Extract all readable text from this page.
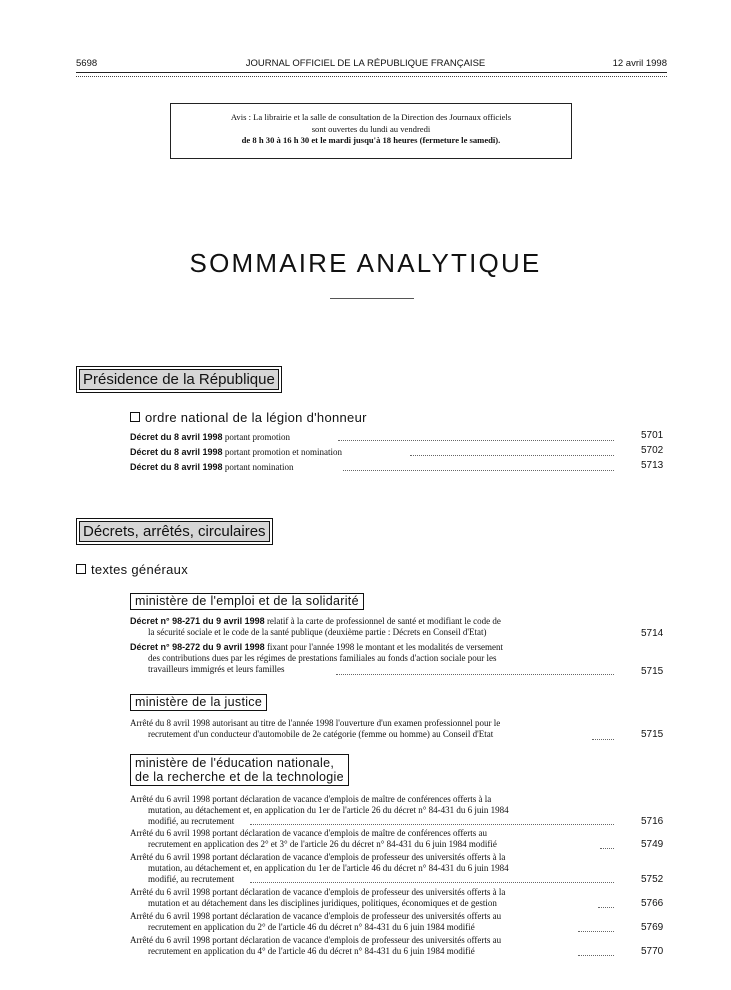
5698	JOURNAL OFFICIEL DE LA RÉPUBLIQUE FRANÇAISE	12 avril 1998
Avis : La librairie et la salle de consultation de la Direction des Journaux officiels
sont ouvertes du lundi au vendredi
de 8 h 30 à 16 h 30 et le mardi jusqu'à 18 heures (fermeture le samedi).
SOMMAIRE ANALYTIQUE
Présidence de la République
ordre national de la légion d'honneur
Décret du 8 avril 1998 portant promotion	5701
Décret du 8 avril 1998 portant promotion et nomination	5702
Décret du 8 avril 1998 portant nomination	5713
Décrets, arrêtés, circulaires
textes généraux
ministère de l'emploi et de la solidarité
Décret n° 98-271 du 9 avril 1998 relatif à la carte de professionnel de santé et modifiant le code de
la sécurité sociale et le code de la santé publique (deuxième partie : Décrets en Conseil d'Etat)	5714
Décret n° 98-272 du 9 avril 1998 fixant pour l'année 1998 le montant et les modalités de versement
des contributions dues par les régimes de prestations familiales au fonds d'action sociale pour les
travailleurs immigrés et leurs familles	5715
ministère de la justice
Arrêté du 8 avril 1998 autorisant au titre de l'année 1998 l'ouverture d'un examen professionnel pour le
recrutement d'un conducteur d'automobile de 2e catégorie (femme ou homme) au Conseil d'Etat	5715
ministère de l'éducation nationale,
de la recherche et de la technologie
Arrêté du 6 avril 1998 portant déclaration de vacance d'emplois de maître de conférences offerts à la
mutation, au détachement et, en application du 1er de l'article 26 du décret n° 84-431 du 6 juin 1984
modifié, au recrutement	5716
Arrêté du 6 avril 1998 portant déclaration de vacance d'emplois de maître de conférences offerts au
recrutement en application des 2° et 3° de l'article 26 du décret n° 84-431 du 6 juin 1984 modifié	5749
Arrêté du 6 avril 1998 portant déclaration de vacance d'emplois de professeur des universités offerts à la
mutation, au détachement et, en application du 1er de l'article 46 du décret n° 84-431 du 6 juin 1984
modifié, au recrutement	5752
Arrêté du 6 avril 1998 portant déclaration de vacance d'emplois de professeur des universités offerts à la
mutation et au détachement dans les disciplines juridiques, politiques, économiques et de gestion	5766
Arrêté du 6 avril 1998 portant déclaration de vacance d'emplois de professeur des universités offerts au
recrutement en application du 2° de l'article 46 du décret n° 84-431 du 6 juin 1984 modifié	5769
Arrêté du 6 avril 1998 portant déclaration de vacance d'emplois de professeur des universités offerts au
recrutement en application du 4° de l'article 46 du décret n° 84-431 du 6 juin 1984 modifié	5770
